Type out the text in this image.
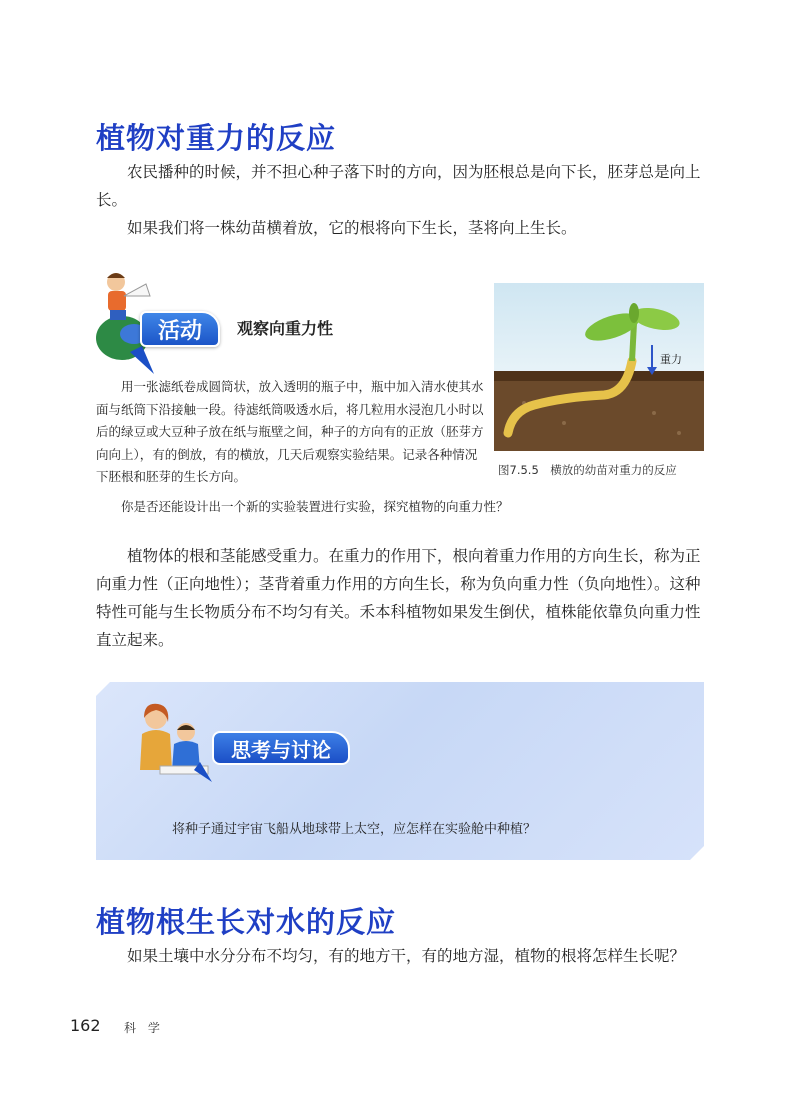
植物对重力的反应

农民播种的时候，并不担心种子落下时的方向，因为胚根总是向下长，胚芽总是向上长。

如果我们将一株幼苗横着放，它的根将向下生长，茎将向上生长。

活动	观察向重力性
重力
图7.5.5　横放的幼苗对重力的反应

用一张滤纸卷成圆筒状，放入透明的瓶子中，瓶中加入清水使其水面与纸筒下沿接触一段。待滤纸筒吸透水后，将几粒用水浸泡几小时以后的绿豆或大豆种子放在纸与瓶壁之间，种子的方向有的正放（胚芽方向向上），有的倒放，有的横放，几天后观察实验结果。记录各种情况下胚根和胚芽的生长方向。

你是否还能设计出一个新的实验装置进行实验，探究植物的向重力性？

植物体的根和茎能感受重力。在重力的作用下，根向着重力作用的方向生长，称为正向重力性（正向地性）；茎背着重力作用的方向生长，称为负向重力性（负向地性）。这种特性可能与生长物质分布不均匀有关。禾本科植物如果发生倒伏，植株能依靠负向重力性直立起来。

思考与讨论
将种子通过宇宙飞船从地球带上太空，应怎样在实验舱中种植？
植物根生长对水的反应

如果土壤中水分分布不均匀，有的地方干，有的地方湿，植物的根将怎样生长呢？

162 科 学
